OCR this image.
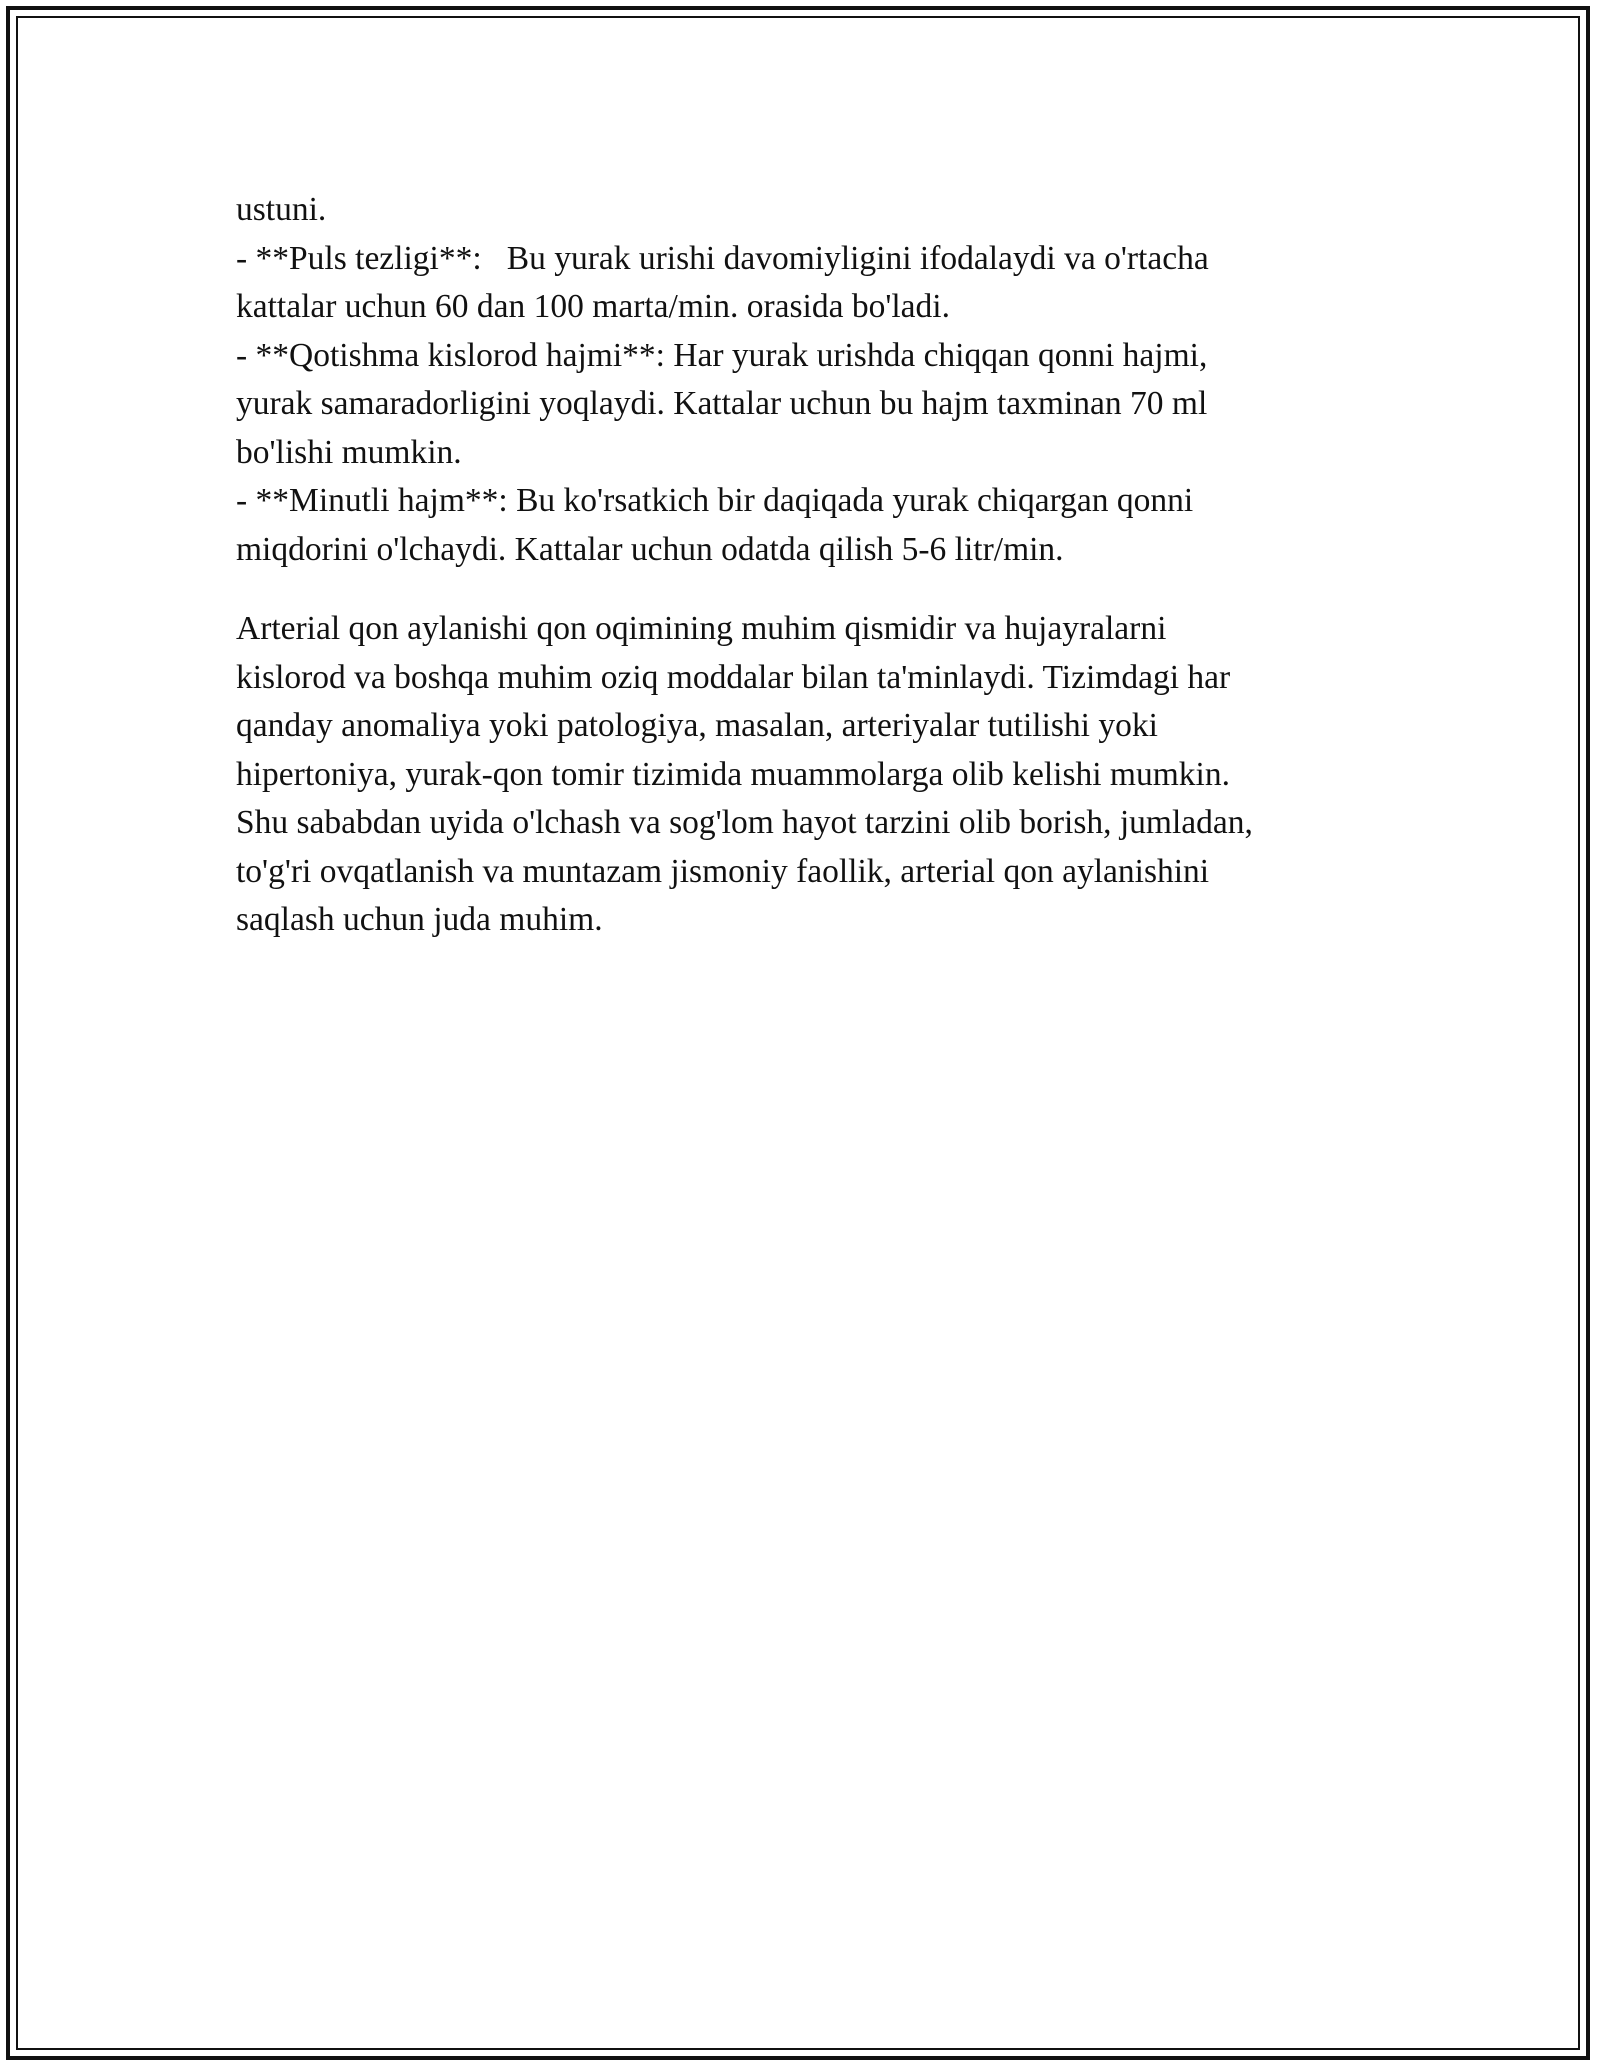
ustuni.
- **Puls tezligi**:   Bu yurak urishi davomiyligini ifodalaydi va o'rtacha
kattalar uchun 60 dan 100 marta/min. orasida bo'ladi.
- **Qotishma kislorod hajmi**: Har yurak urishda chiqqan qonni hajmi,
yurak samaradorligini yoqlaydi. Kattalar uchun bu hajm taxminan 70 ml
bo'lishi mumkin.
- **Minutli hajm**: Bu ko'rsatkich bir daqiqada yurak chiqargan qonni
miqdorini o'lchaydi. Kattalar uchun odatda qilish 5-6 litr/min.

Arterial qon aylanishi qon oqimining muhim qismidir va hujayralarni
kislorod va boshqa muhim oziq moddalar bilan ta'minlaydi. Tizimdagi har
qanday anomaliya yoki patologiya, masalan, arteriyalar tutilishi yoki
hipertoniya, yurak-qon tomir tizimida muammolarga olib kelishi mumkin.
Shu sababdan uyida o'lchash va sog'lom hayot tarzini olib borish, jumladan,
to'g'ri ovqatlanish va muntazam jismoniy faollik, arterial qon aylanishini
saqlash uchun juda muhim.
